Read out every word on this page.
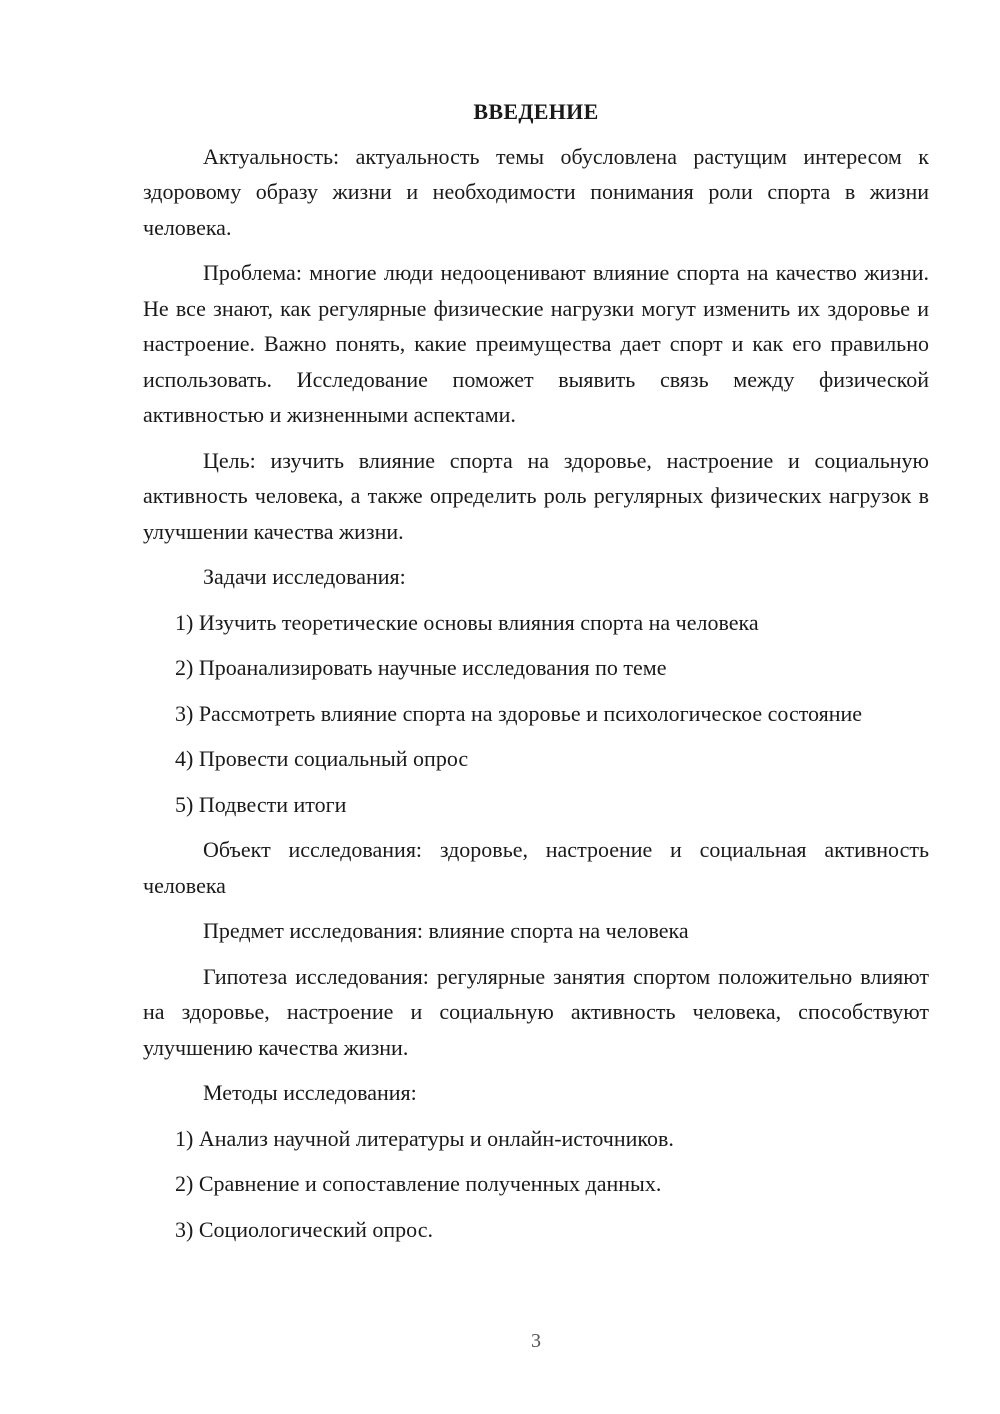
ВВЕДЕНИЕ

Актуальность: актуальность темы обусловлена растущим интересом к здоровому образу жизни и необходимости понимания роли спорта в жизни человека.

Проблема: многие люди недооценивают влияние спорта на качество жизни. Не все знают, как регулярные физические нагрузки могут изменить их здоровье и настроение. Важно понять, какие преимущества дает спорт и как его правильно использовать. Исследование поможет выявить связь между физической активностью и жизненными аспектами.

Цель: изучить влияние спорта на здоровье, настроение и социальную активность человека, а также определить роль регулярных физических нагрузок в улучшении качества жизни.

Задачи исследования:

1) Изучить теоретические основы влияния спорта на человека

2) Проанализировать научные исследования по теме

3) Рассмотреть влияние спорта на здоровье и психологическое состояние

4) Провести социальный опрос

5) Подвести итоги

Объект исследования: здоровье, настроение и социальная активность человека

Предмет исследования: влияние спорта на человека

Гипотеза исследования: регулярные занятия спортом положительно влияют на здоровье, настроение и социальную активность человека, способствуют улучшению качества жизни.

Методы исследования:

1) Анализ научной литературы и онлайн-источников.

2) Сравнение и сопоставление полученных данных.

3) Социологический опрос.

3
